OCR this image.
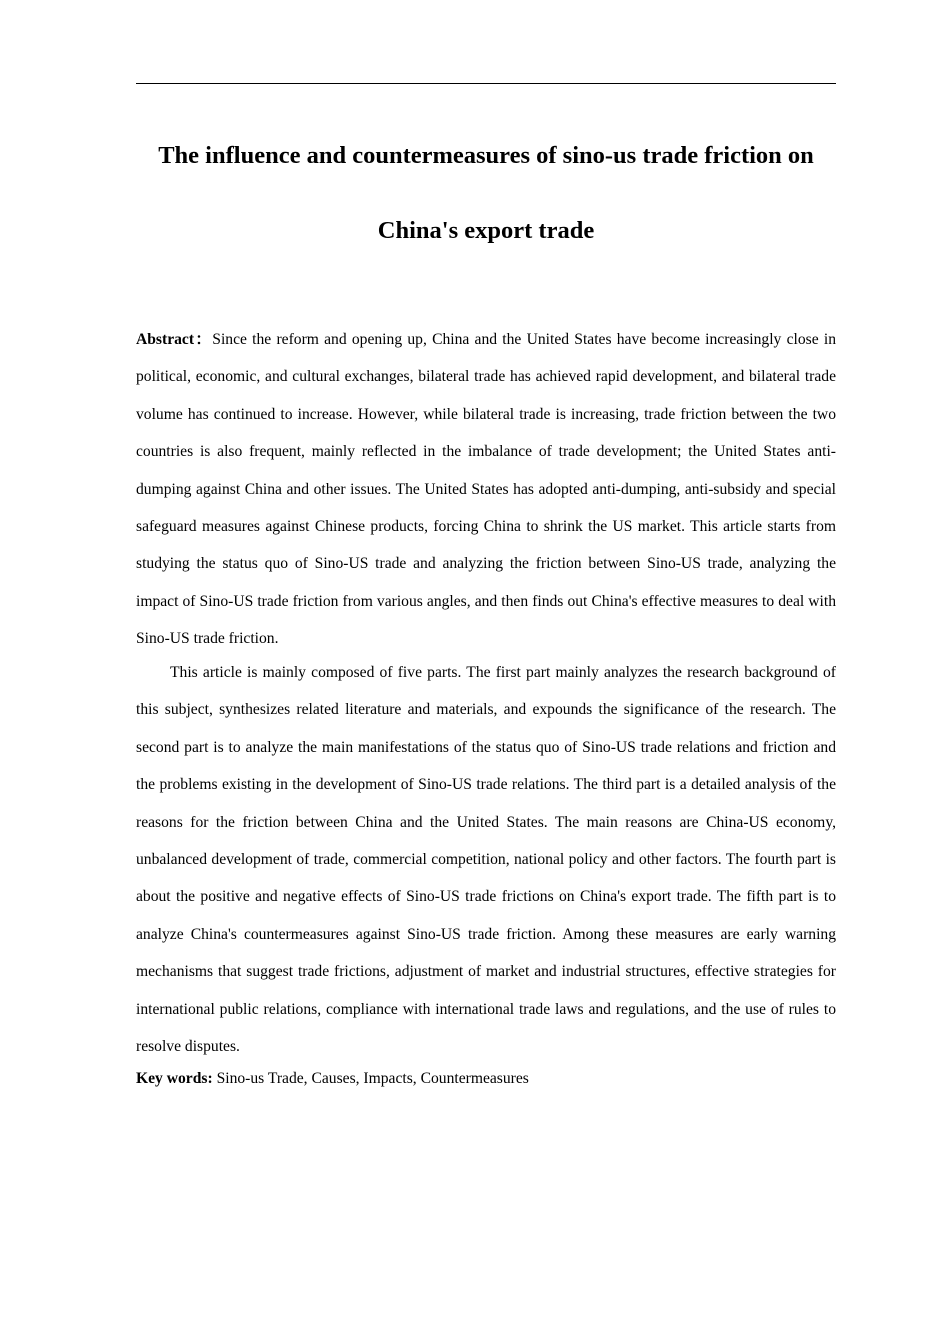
The influence and countermeasures of sino-us trade friction on
China's export trade

Abstract：Since the reform and opening up, China and the United States have become increasingly close in political, economic, and cultural exchanges, bilateral trade has achieved rapid development, and bilateral trade volume has continued to increase. However, while bilateral trade is increasing, trade friction between the two countries is also frequent, mainly reflected in the imbalance of trade development; the United States anti-dumping against China and other issues. The United States has adopted anti-dumping, anti-subsidy and special safeguard measures against Chinese products, forcing China to shrink the US market. This article starts from studying the status quo of Sino-US trade and analyzing the friction between Sino-US trade, analyzing the impact of Sino-US trade friction from various angles, and then finds out China's effective measures to deal with Sino-US trade friction.

This article is mainly composed of five parts. The first part mainly analyzes the research background of this subject, synthesizes related literature and materials, and expounds the significance of the research. The second part is to analyze the main manifestations of the status quo of Sino-US trade relations and friction and the problems existing in the development of Sino-US trade relations. The third part is a detailed analysis of the reasons for the friction between China and the United States. The main reasons are China-US economy, unbalanced development of trade, commercial competition, national policy and other factors. The fourth part is about the positive and negative effects of Sino-US trade frictions on China's export trade. The fifth part is to analyze China's countermeasures against Sino-US trade friction. Among these measures are early warning mechanisms that suggest trade frictions, adjustment of market and industrial structures, effective strategies for international public relations, compliance with international trade laws and regulations, and the use of rules to resolve disputes.

Key words: Sino-us Trade, Causes, Impacts, Countermeasures
